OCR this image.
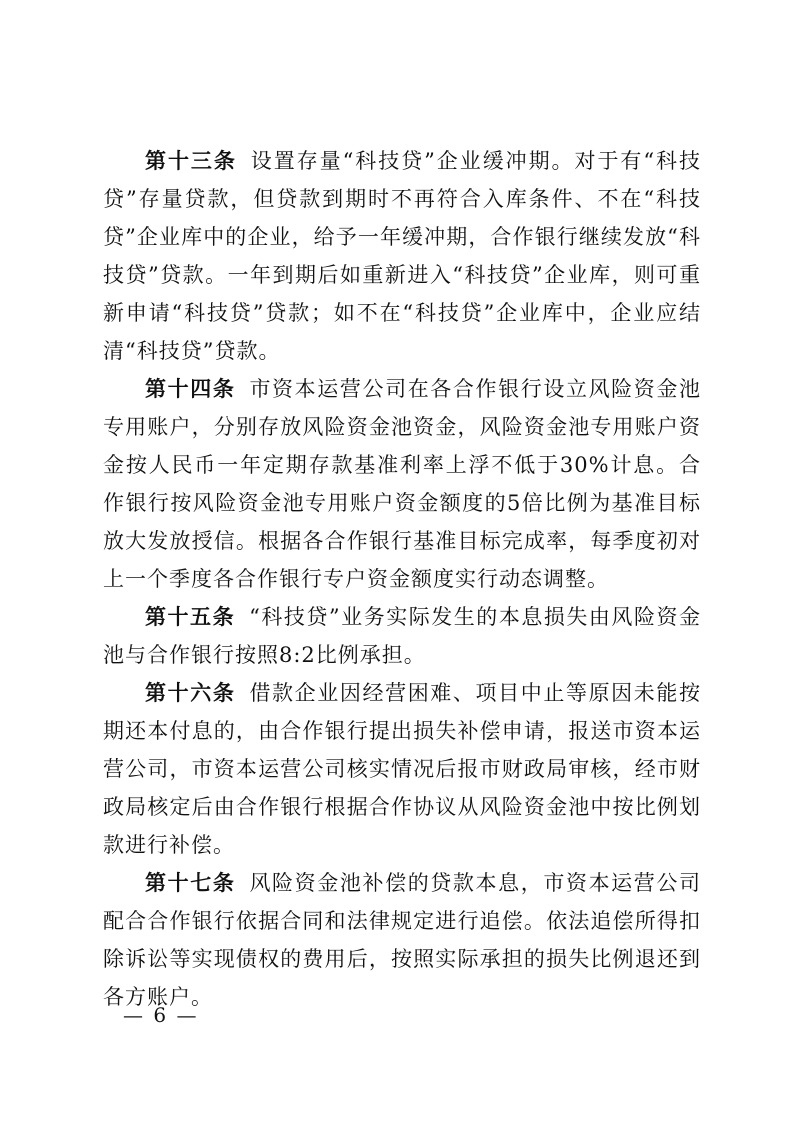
第十三条 设置存量“科技贷”企业缓冲期。对于有“科技贷”存量贷款，但贷款到期时不再符合入库条件、不在“科技贷”企业库中的企业，给予一年缓冲期，合作银行继续发放“科技贷”贷款。一年到期后如重新进入“科技贷”企业库，则可重新申请“科技贷”贷款；如不在“科技贷”企业库中，企业应结清“科技贷”贷款。

第十四条 市资本运营公司在各合作银行设立风险资金池专用账户，分别存放风险资金池资金，风险资金池专用账户资金按人民币一年定期存款基准利率上浮不低于30%计息。合作银行按风险资金池专用账户资金额度的5倍比例为基准目标放大发放授信。根据各合作银行基准目标完成率，每季度初对上一个季度各合作银行专户资金额度实行动态调整。

第十五条 “科技贷”业务实际发生的本息损失由风险资金池与合作银行按照8:2比例承担。

第十六条 借款企业因经营困难、项目中止等原因未能按期还本付息的，由合作银行提出损失补偿申请，报送市资本运营公司，市资本运营公司核实情况后报市财政局审核，经市财政局核定后由合作银行根据合作协议从风险资金池中按比例划款进行补偿。

第十七条 风险资金池补偿的贷款本息，市资本运营公司配合合作银行依据合同和法律规定进行追偿。依法追偿所得扣除诉讼等实现债权的费用后，按照实际承担的损失比例退还到各方账户。

— 6 —
